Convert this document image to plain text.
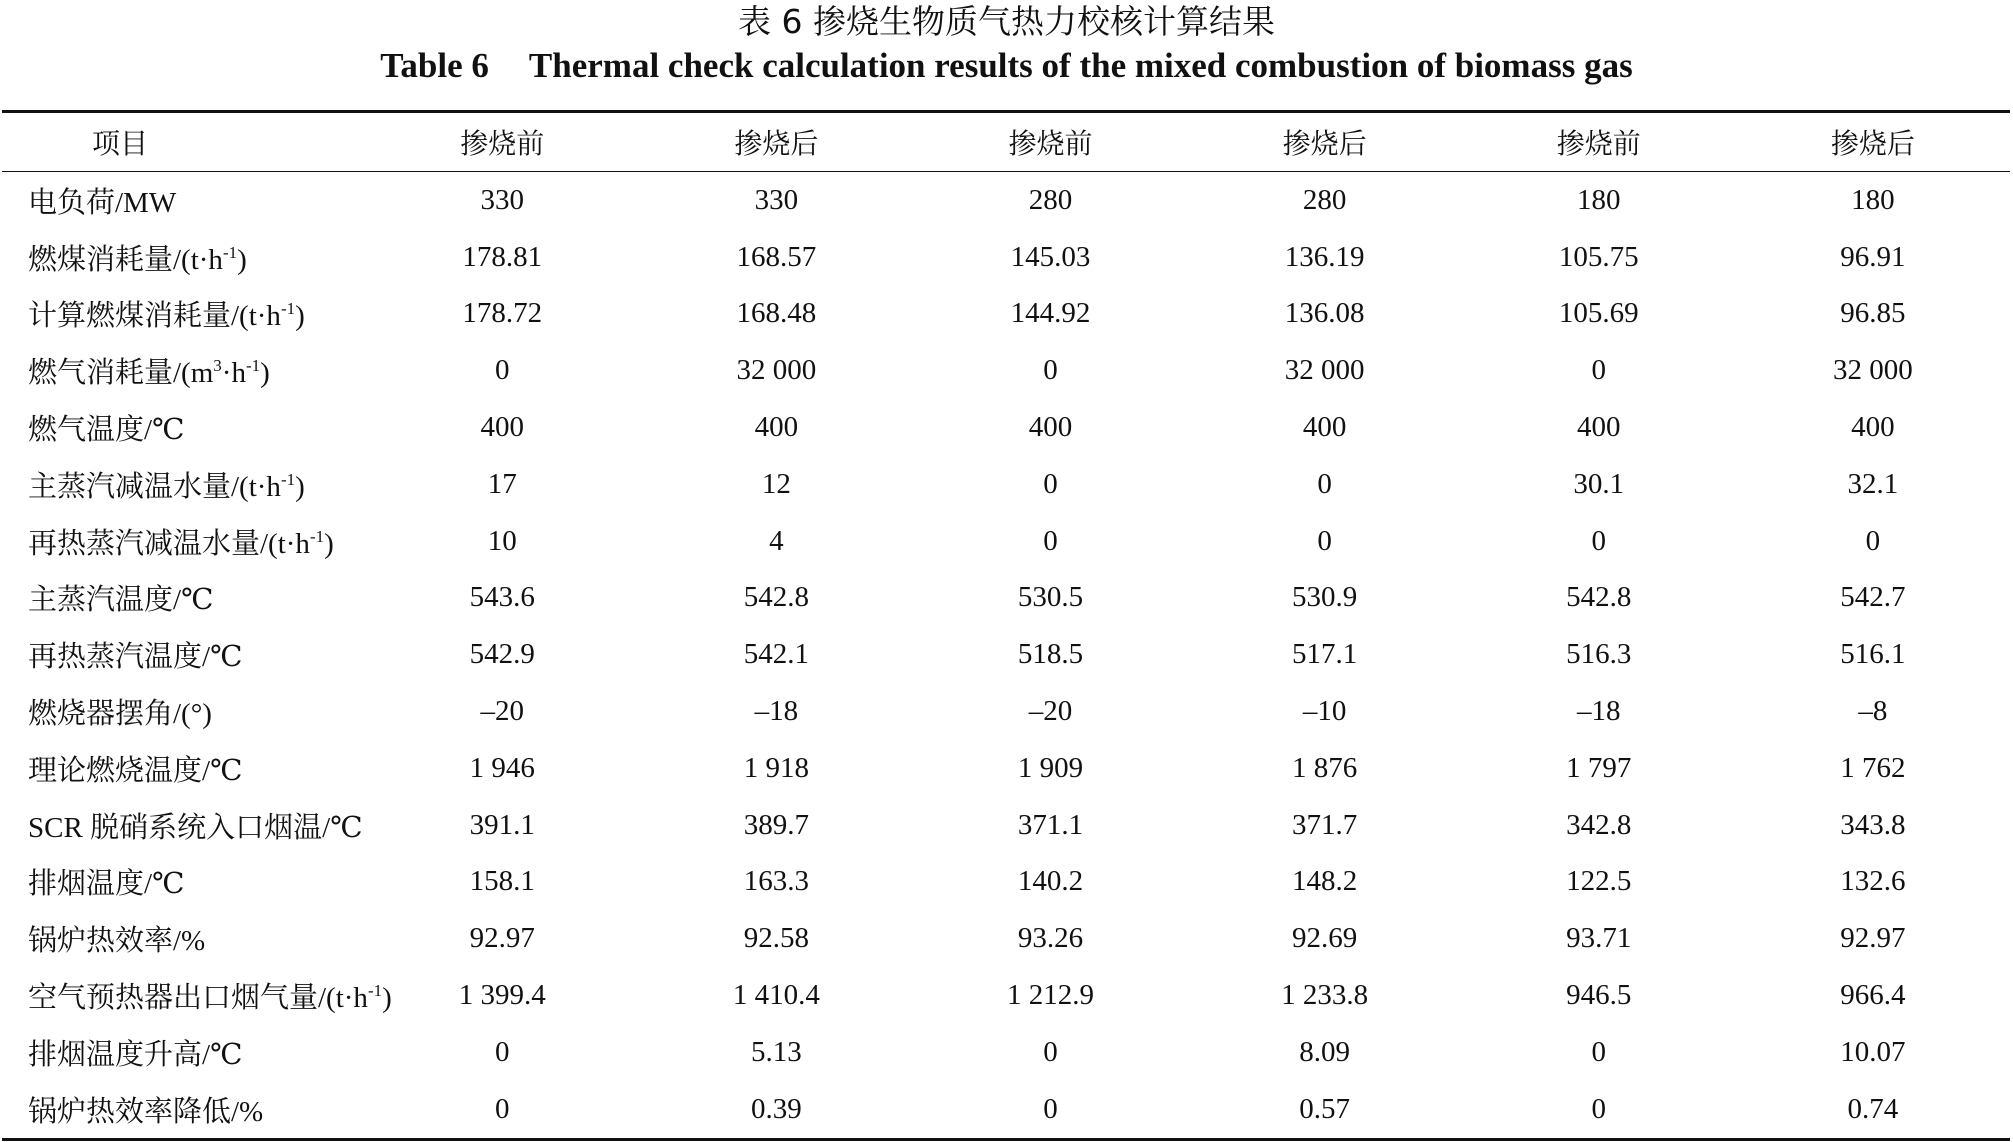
表 6 掺烧生物质气热力校核计算结果
Table 6 Thermal check calculation results of the mixed combustion of biomass gas
项目	掺烧前	掺烧后	掺烧前	掺烧后	掺烧前	掺烧后
电负荷/MW	330	330	280	280	180	180
燃煤消耗量$/(t\cdot h^{-1})$	178.81	168.57	145.03	136.19	105.75	96.91
计算燃煤消耗量$/(t\cdot h^{-1})$	178.72	168.48	144.92	136.08	105.69	96.85
燃气消耗量$/(m^3\cdot h^{-1})$	0	32 000	0	32 000	0	32 000
燃气温度/℃	400	400	400	400	400	400
主蒸汽减温水量$/(t\cdot h^{-1})$	17	12	0	0	30.1	32.1
再热蒸汽减温水量$/(t\cdot h^{-1})$	10	4	0	0	0	0
主蒸汽温度/℃	543.6	542.8	530.5	530.9	542.8	542.7
再热蒸汽温度/℃	542.9	542.1	518.5	517.1	516.3	516.1
燃烧器摆角/(°)	–20	–18	–20	–10	–18	–8
理论燃烧温度/℃	1 946	1 918	1 909	1 876	1 797	1 762
SCR 脱硝系统入口烟温/℃	391.1	389.7	371.1	371.7	342.8	343.8
排烟温度/℃	158.1	163.3	140.2	148.2	122.5	132.6
锅炉热效率/%	92.97	92.58	93.26	92.69	93.71	92.97
空气预热器出口烟气量$/(t\cdot h^{-1})$	1 399.4	1 410.4	1 212.9	1 233.8	946.5	966.4
排烟温度升高/℃	0	5.13	0	8.09	0	10.07
锅炉热效率降低/%	0	0.39	0	0.57	0	0.74
